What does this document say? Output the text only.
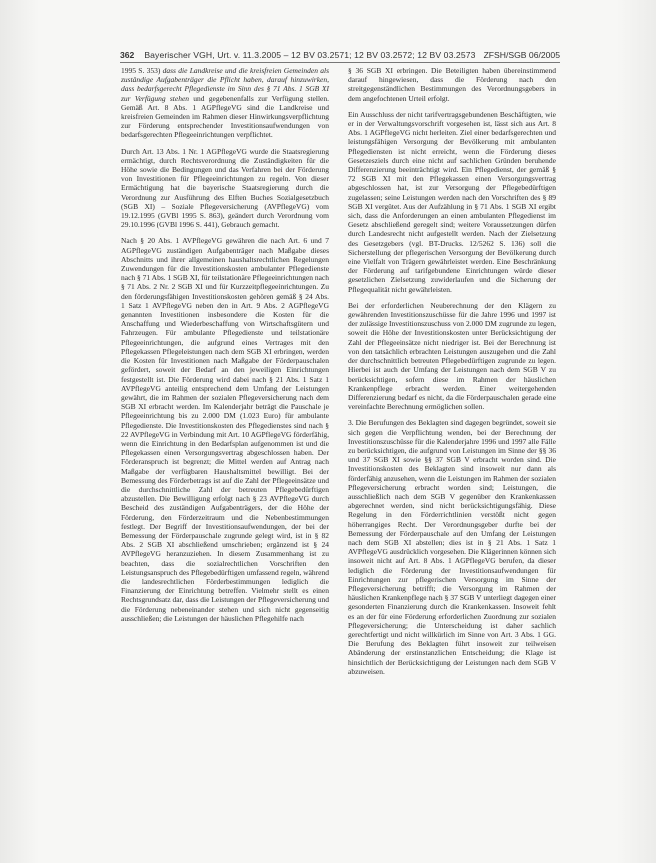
362 Bayerischer VGH, Urt. v. 11.3.2005 – 12 BV 03.2571; 12 BV 03.2572; 12 BV 03.2573 ZFSH/SGB 06/2005

1995 S. 353) dass die Landkreise und die kreisfreien Gemeinden als zuständige Aufgabenträger die Pflicht haben, darauf hinzuwirken, dass bedarfsgerecht Pflegedienste im Sinn des § 71 Abs. 1 SGB XI zur Verfügung stehen und gegebenenfalls zur Verfügung stellen. Gemäß Art. 8 Abs. 1 AGPflegeVG sind die Landkreise und kreisfreien Gemeinden im Rahmen dieser Hinwirkungsverpflichtung zur Förderung entsprechender Investitionsaufwendungen von bedarfsgerechten Pflegeeinrichtungen verpflichtet.

Durch Art. 13 Abs. 1 Nr. 1 AGPflegeVG wurde die Staatsregierung ermächtigt, durch Rechtsverordnung die Zuständigkeiten für die Höhe sowie die Bedingungen und das Verfahren bei der Förderung von Investitionen für Pflegeeinrichtungen zu regeln. Von dieser Ermächtigung hat die bayerische Staatsregierung durch die Verordnung zur Ausführung des Elften Buches Sozialgesetzbuch (SGB XI) – Soziale Pflegeversicherung (AVPflegeVG) vom 19.12.1995 (GVBl 1995 S. 863), geändert durch Verordnung vom 29.10.1996 (GVBl 1996 S. 441), Gebrauch gemacht.

Nach § 20 Abs. 1 AVPflegeVG gewähren die nach Art. 6 und 7 AGPflegeVG zuständigen Aufgabenträger nach Maßgabe dieses Abschnitts und ihrer allgemeinen haushaltsrechtlichen Regelungen Zuwendungen für die Investitionskosten ambulanter Pflegedienste nach § 71 Abs. 1 SGB XI, für teilstationäre Pflegeeinrichtungen nach § 71 Abs. 2 Nr. 2 SGB XI und für Kurzzeitpflegeeinrichtungen. Zu den förderungsfähigen Investitionskosten gehören gemäß § 24 Abs. 1 Satz 1 AVPflegeVG neben den in Art. 9 Abs. 2 AGPflegeVG genannten Investitionen insbesondere die Kosten für die Anschaffung und Wiederbeschaffung von Wirtschaftsgütern und Fahrzeugen. Für ambulante Pflegedienste und teilstationäre Pflegeeinrichtungen, die aufgrund eines Vertrages mit den Pflegekassen Pflegeleistungen nach dem SGB XI erbringen, werden die Kosten für Investitionen nach Maßgabe der Förderpauschalen gefördert, soweit der Bedarf an den jeweiligen Einrichtungen festgestellt ist. Die Förderung wird dabei nach § 21 Abs. 1 Satz 1 AVPflegeVG anteilig entsprechend dem Umfang der Leistungen gewährt, die im Rahmen der sozialen Pflegeversicherung nach dem SGB XI erbracht werden. Im Kalenderjahr beträgt die Pauschale je Pflegeeinrichtung bis zu 2.000 DM (1.023 Euro) für ambulante Pflegedienste. Die Investitionskosten des Pflegedienstes sind nach § 22 AVPflegeVG in Verbindung mit Art. 10 AGPflegeVG förderfähig, wenn die Einrichtung in den Bedarfsplan aufgenommen ist und die Pflegekassen einen Versorgungsvertrag abgeschlossen haben. Der Förderanspruch ist begrenzt; die Mittel werden auf Antrag nach Maßgabe der verfügbaren Haushaltsmittel bewilligt. Bei der Bemessung des Förderbetrags ist auf die Zahl der Pflegeeinsätze und die durchschnittliche Zahl der betreuten Pflegebedürftigen abzustellen. Die Bewilligung erfolgt nach § 23 AVPflegeVG durch Bescheid des zuständigen Aufgabenträgers, der die Höhe der Förderung, den Förderzeitraum und die Nebenbestimmungen festlegt. Der Begriff der Investitionsaufwendungen, der bei der Bemessung der Förderpauschale zugrunde gelegt wird, ist in § 82 Abs. 2 SGB XI abschließend umschrieben; ergänzend ist § 24 AVPflegeVG heranzuziehen. In diesem Zusammenhang ist zu beachten, dass die sozialrechtlichen Vorschriften den Leistungsanspruch des Pflegebedürftigen umfassend regeln, während die landesrechtlichen Förderbestimmungen lediglich die Finanzierung der Einrichtung betreffen. Vielmehr stellt es einen Rechtsgrundsatz dar, dass die Leistungen der Pflegeversicherung und die Förderung nebeneinander stehen und sich nicht gegenseitig ausschließen; die Leistungen der häuslichen Pflegehilfe nach

§ 36 SGB XI erbringen. Die Beteiligten haben übereinstimmend darauf hingewiesen, dass die Förderung nach den streitgegenständlichen Bestimmungen des Verordnungsgebers in dem angefochtenen Urteil erfolgt.

Ein Ausschluss der nicht tarifvertragsgebundenen Beschäftigten, wie er in der Verwaltungsvorschrift vorgesehen ist, lässt sich aus Art. 8 Abs. 1 AGPflegeVG nicht herleiten. Ziel einer bedarfsgerechten und leistungsfähigen Versorgung der Bevölkerung mit ambulanten Pflegediensten ist nicht erreicht, wenn die Förderung dieses Gesetzesziels durch eine nicht auf sachlichen Gründen beruhende Differenzierung beeinträchtigt wird. Ein Pflegedienst, der gemäß § 72 SGB XI mit den Pflegekassen einen Versorgungsvertrag abgeschlossen hat, ist zur Versorgung der Pflegebedürftigen zugelassen; seine Leistungen werden nach den Vorschriften des § 89 SGB XI vergütet. Aus der Aufzählung in § 71 Abs. 1 SGB XI ergibt sich, dass die Anforderungen an einen ambulanten Pflegedienst im Gesetz abschließend geregelt sind; weitere Voraussetzungen dürfen durch Landesrecht nicht aufgestellt werden. Nach der Zielsetzung des Gesetzgebers (vgl. BT-Drucks. 12/5262 S. 136) soll die Sicherstellung der pflegerischen Versorgung der Bevölkerung durch eine Vielfalt von Trägern gewährleistet werden. Eine Beschränkung der Förderung auf tarifgebundene Einrichtungen würde dieser gesetzlichen Zielsetzung zuwiderlaufen und die Sicherung der Pflegequalität nicht gewährleisten.

Bei der erforderlichen Neuberechnung der den Klägern zu gewährenden Investitionszuschüsse für die Jahre 1996 und 1997 ist der zulässige Investitionszuschuss von 2.000 DM zugrunde zu legen, soweit die Höhe der Investitionskosten unter Berücksichtigung der Zahl der Pflegeeinsätze nicht niedriger ist. Bei der Berechnung ist von den tatsächlich erbrachten Leistungen auszugehen und die Zahl der durchschnittlich betreuten Pflegebedürftigen zugrunde zu legen. Hierbei ist auch der Umfang der Leistungen nach dem SGB V zu berücksichtigen, sofern diese im Rahmen der häuslichen Krankenpflege erbracht werden. Einer weitergehenden Differenzierung bedarf es nicht, da die Förderpauschalen gerade eine vereinfachte Berechnung ermöglichen sollen.

3. Die Berufungen des Beklagten sind dagegen begründet, soweit sie sich gegen die Verpflichtung wenden, bei der Berechnung der Investitionszuschüsse für die Kalenderjahre 1996 und 1997 alle Fälle zu berücksichtigen, die aufgrund von Leistungen im Sinne der §§ 36 und 37 SGB XI sowie §§ 37 SGB V erbracht worden sind. Die Investitionskosten des Beklagten sind insoweit nur dann als förderfähig anzusehen, wenn die Leistungen im Rahmen der sozialen Pflegeversicherung erbracht worden sind; Leistungen, die ausschließlich nach dem SGB V gegenüber den Krankenkassen abgerechnet werden, sind nicht berücksichtigungsfähig. Diese Regelung in den Förderrichtlinien verstößt nicht gegen höherrangiges Recht. Der Verordnungsgeber durfte bei der Bemessung der Förderpauschale auf den Umfang der Leistungen nach dem SGB XI abstellen; dies ist in § 21 Abs. 1 Satz 1 AVPflegeVG ausdrücklich vorgesehen. Die Klägerinnen können sich insoweit nicht auf Art. 8 Abs. 1 AGPflegeVG berufen, da dieser lediglich die Förderung der Investitionsaufwendungen für Einrichtungen zur pflegerischen Versorgung im Sinne der Pflegeversicherung betrifft; die Versorgung im Rahmen der häuslichen Krankenpflege nach § 37 SGB V unterliegt dagegen einer gesonderten Finanzierung durch die Krankenkassen. Insoweit fehlt es an der für eine Förderung erforderlichen Zuordnung zur sozialen Pflegeversicherung; die Unterscheidung ist daher sachlich gerechtfertigt und nicht willkürlich im Sinne von Art. 3 Abs. 1 GG. Die Berufung des Beklagten führt insoweit zur teilweisen Abänderung der erstinstanzlichen Entscheidung; die Klage ist hinsichtlich der Berücksichtigung der Leistungen nach dem SGB V abzuweisen.
